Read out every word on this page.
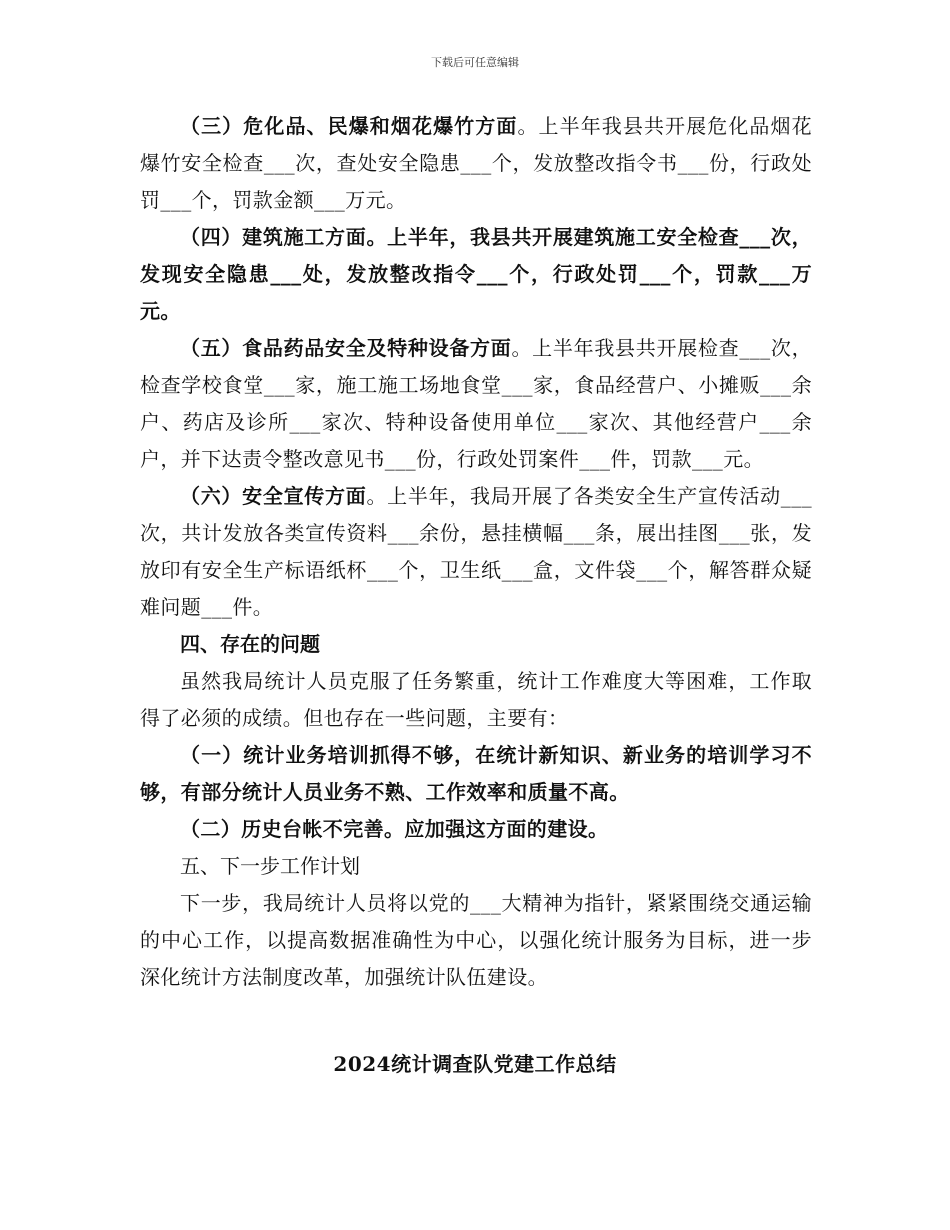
下载后可任意编辑

（三）危化品、民爆和烟花爆竹方面。上半年我县共开展危化品烟花爆竹安全检查___次，查处安全隐患___个，发放整改指令书___份，行政处罚___个，罚款金额___万元。

（四）建筑施工方面。上半年，我县共开展建筑施工安全检查___次，发现安全隐患___处，发放整改指令___个，行政处罚___个，罚款___万元。

（五）食品药品安全及特种设备方面。上半年我县共开展检查___次，检查学校食堂___家，施工施工场地食堂___家，食品经营户、小摊贩___余户、药店及诊所___家次、特种设备使用单位___家次、其他经营户___余户，并下达责令整改意见书___份，行政处罚案件___件，罚款___元。

（六）安全宣传方面。上半年，我局开展了各类安全生产宣传活动___次，共计发放各类宣传资料___余份，悬挂横幅___条，展出挂图___张，发放印有安全生产标语纸杯___个，卫生纸___盒，文件袋___个，解答群众疑难问题___件。

四、存在的问题

虽然我局统计人员克服了任务繁重，统计工作难度大等困难，工作取得了必须的成绩。但也存在一些问题，主要有：

（一）统计业务培训抓得不够，在统计新知识、新业务的培训学习不够，有部分统计人员业务不熟、工作效率和质量不高。

（二）历史台帐不完善。应加强这方面的建设。

五、下一步工作计划

下一步，我局统计人员将以党的___大精神为指针，紧紧围绕交通运输的中心工作，以提高数据准确性为中心，以强化统计服务为目标，进一步深化统计方法制度改革，加强统计队伍建设。

2024统计调查队党建工作总结
